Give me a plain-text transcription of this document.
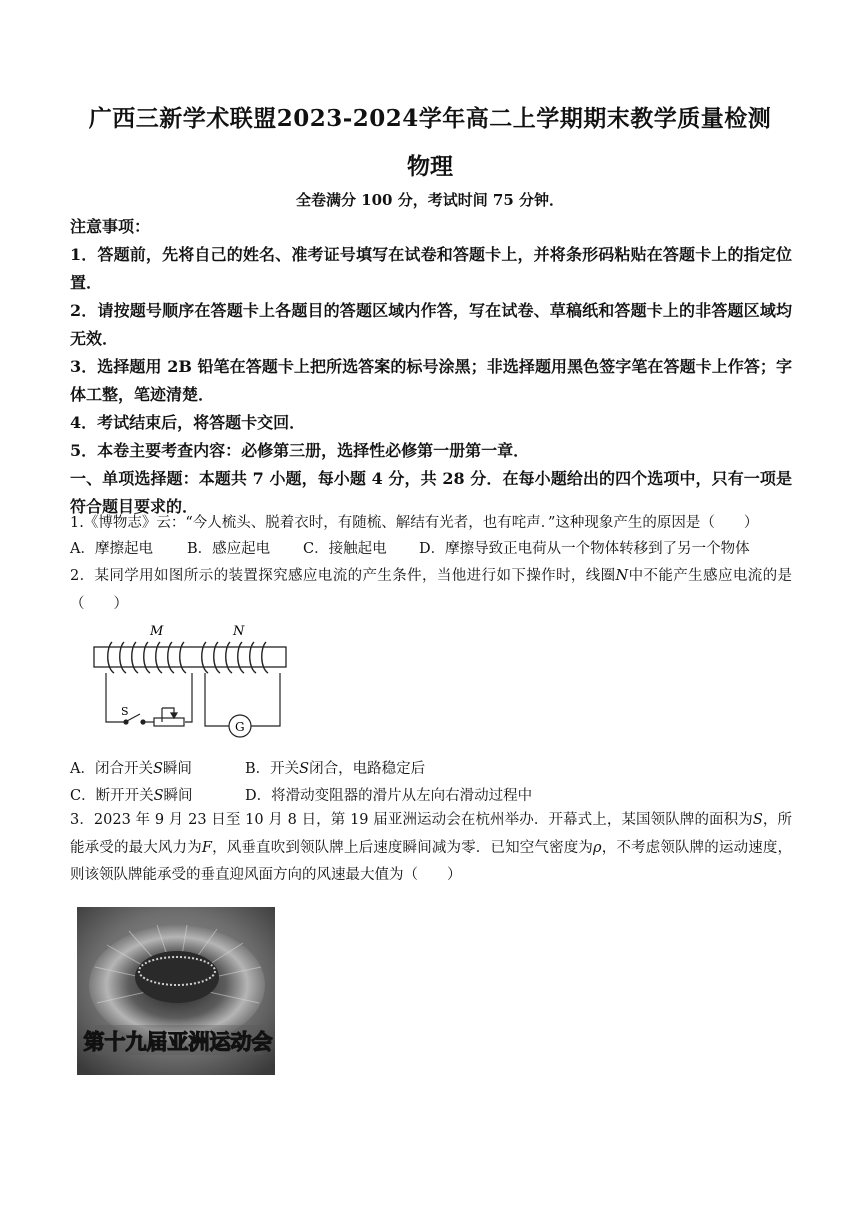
广西三新学术联盟2023-2024学年高二上学期期末教学质量检测
物理
全卷满分 100 分，考试时间 75 分钟．
注意事项：
1．答题前，先将自己的姓名、准考证号填写在试卷和答题卡上，并将条形码粘贴在答题卡上的指定位置．
2．请按题号顺序在答题卡上各题目的答题区域内作答，写在试卷、草稿纸和答题卡上的非答题区域均无效．
3．选择题用 2B 铅笔在答题卡上把所选答案的标号涂黑；非选择题用黑色签字笔在答题卡上作答；字体工整，笔迹清楚．
4．考试结束后，将答题卡交回．
5．本卷主要考查内容：必修第三册，选择性必修第一册第一章．
一、单项选择题：本题共 7 小题，每小题 4 分，共 28 分．在每小题给出的四个选项中，只有一项是符合题目要求的．
1.《博物志》云：“今人梳头、脱着衣时，有随梳、解结有光者，也有咤声．”这种现象产生的原因是（　　）
A．摩擦起电 B．感应起电 C．接触起电 D．摩擦导致正电荷从一个物体转移到了另一个物体
2．某同学用如图所示的装置探究感应电流的产生条件，当他进行如下操作时，线圈N中不能产生感应电流的是（　　）
M	N
S
G
A．闭合开关S瞬间	B．开关S闭合，电路稳定后
C．断开开关S瞬间	D．将滑动变阻器的滑片从左向右滑动过程中
3．2023 年 9 月 23 日至 10 月 8 日，第 19 届亚洲运动会在杭州举办．开幕式上，某国领队牌的面积为S，所能承受的最大风力为F，风垂直吹到领队牌上后速度瞬间减为零．已知空气密度为ρ，不考虑领队牌的运动速度，则该领队牌能承受的垂直迎风面方向的风速最大值为（　　）
第十九届亚洲运动会
